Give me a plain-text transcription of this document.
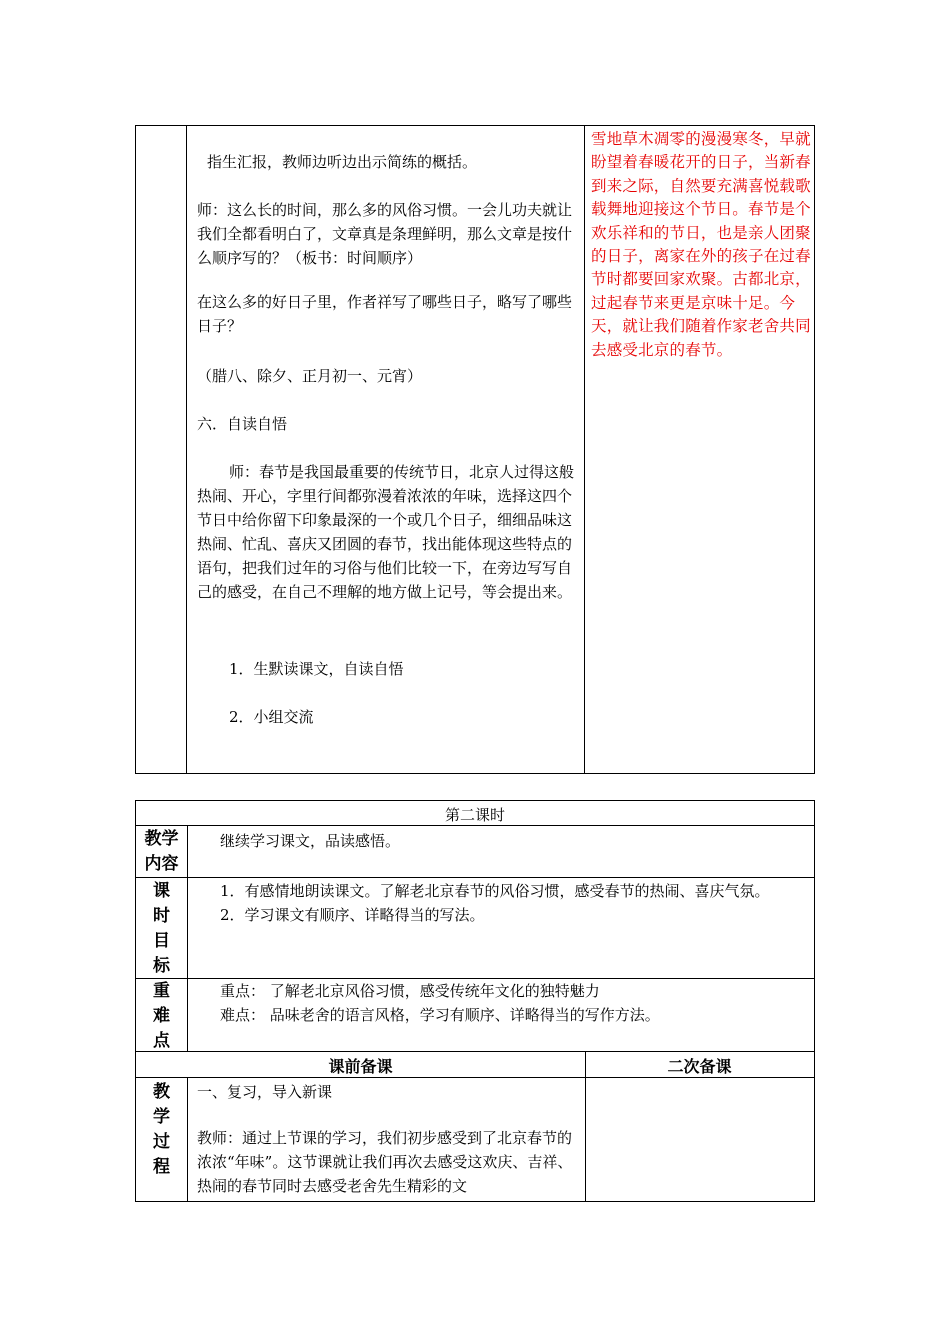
指生汇报，教师边听边出示简练的概括。

师：这么长的时间，那么多的风俗习惯。一会儿功夫就让我们全都看明白了，文章真是条理鲜明，那么文章是按什么顺序写的？（板书：时间顺序）

在这么多的好日子里，作者祥写了哪些日子，略写了哪些日子？

（腊八、除夕、正月初一、元宵）

六．自读自悟

师：春节是我国最重要的传统节日，北京人过得这般热闹、开心，字里行间都弥漫着浓浓的年味，选择这四个节日中给你留下印象最深的一个或几个日子，细细品味这热闹、忙乱、喜庆又团圆的春节，找出能体现这些特点的语句，把我们过年的习俗与他们比较一下，在旁边写写自己的感受，在自己不理解的地方做上记号，等会提出来。

1．生默读课文，自读自悟

2．小组交流

雪地草木凋零的漫漫寒冬，早就盼望着春暖花开的日子，当新春到来之际，自然要充满喜悦载歌载舞地迎接这个节日。春节是个欢乐祥和的节日，也是亲人团聚的日子，离家在外的孩子在过春节时都要回家欢聚。古都北京，过起春节来更是京味十足。今天，就让我们随着作家老舍共同去感受北京的春节。

第二课时
教学
内容
继续学习课文，品读感悟。
课
时
目
标
1．有感情地朗读课文。了解老北京春节的风俗习惯，感受春节的热闹、喜庆气氛。
2．学习课文有顺序、详略得当的写法。
重
难
点
重点： 了解老北京风俗习惯，感受传统年文化的独特魅力
难点： 品味老舍的语言风格，学习有顺序、详略得当的写作方法。
课前备课	二次备课
教
学
过
程
一、复习，导入新课

教师：通过上节课的学习，我们初步感受到了北京春节的浓浓“年味”。这节课就让我们再次去感受这欢庆、吉祥、热闹的春节同时去感受老舍先生精彩的文
